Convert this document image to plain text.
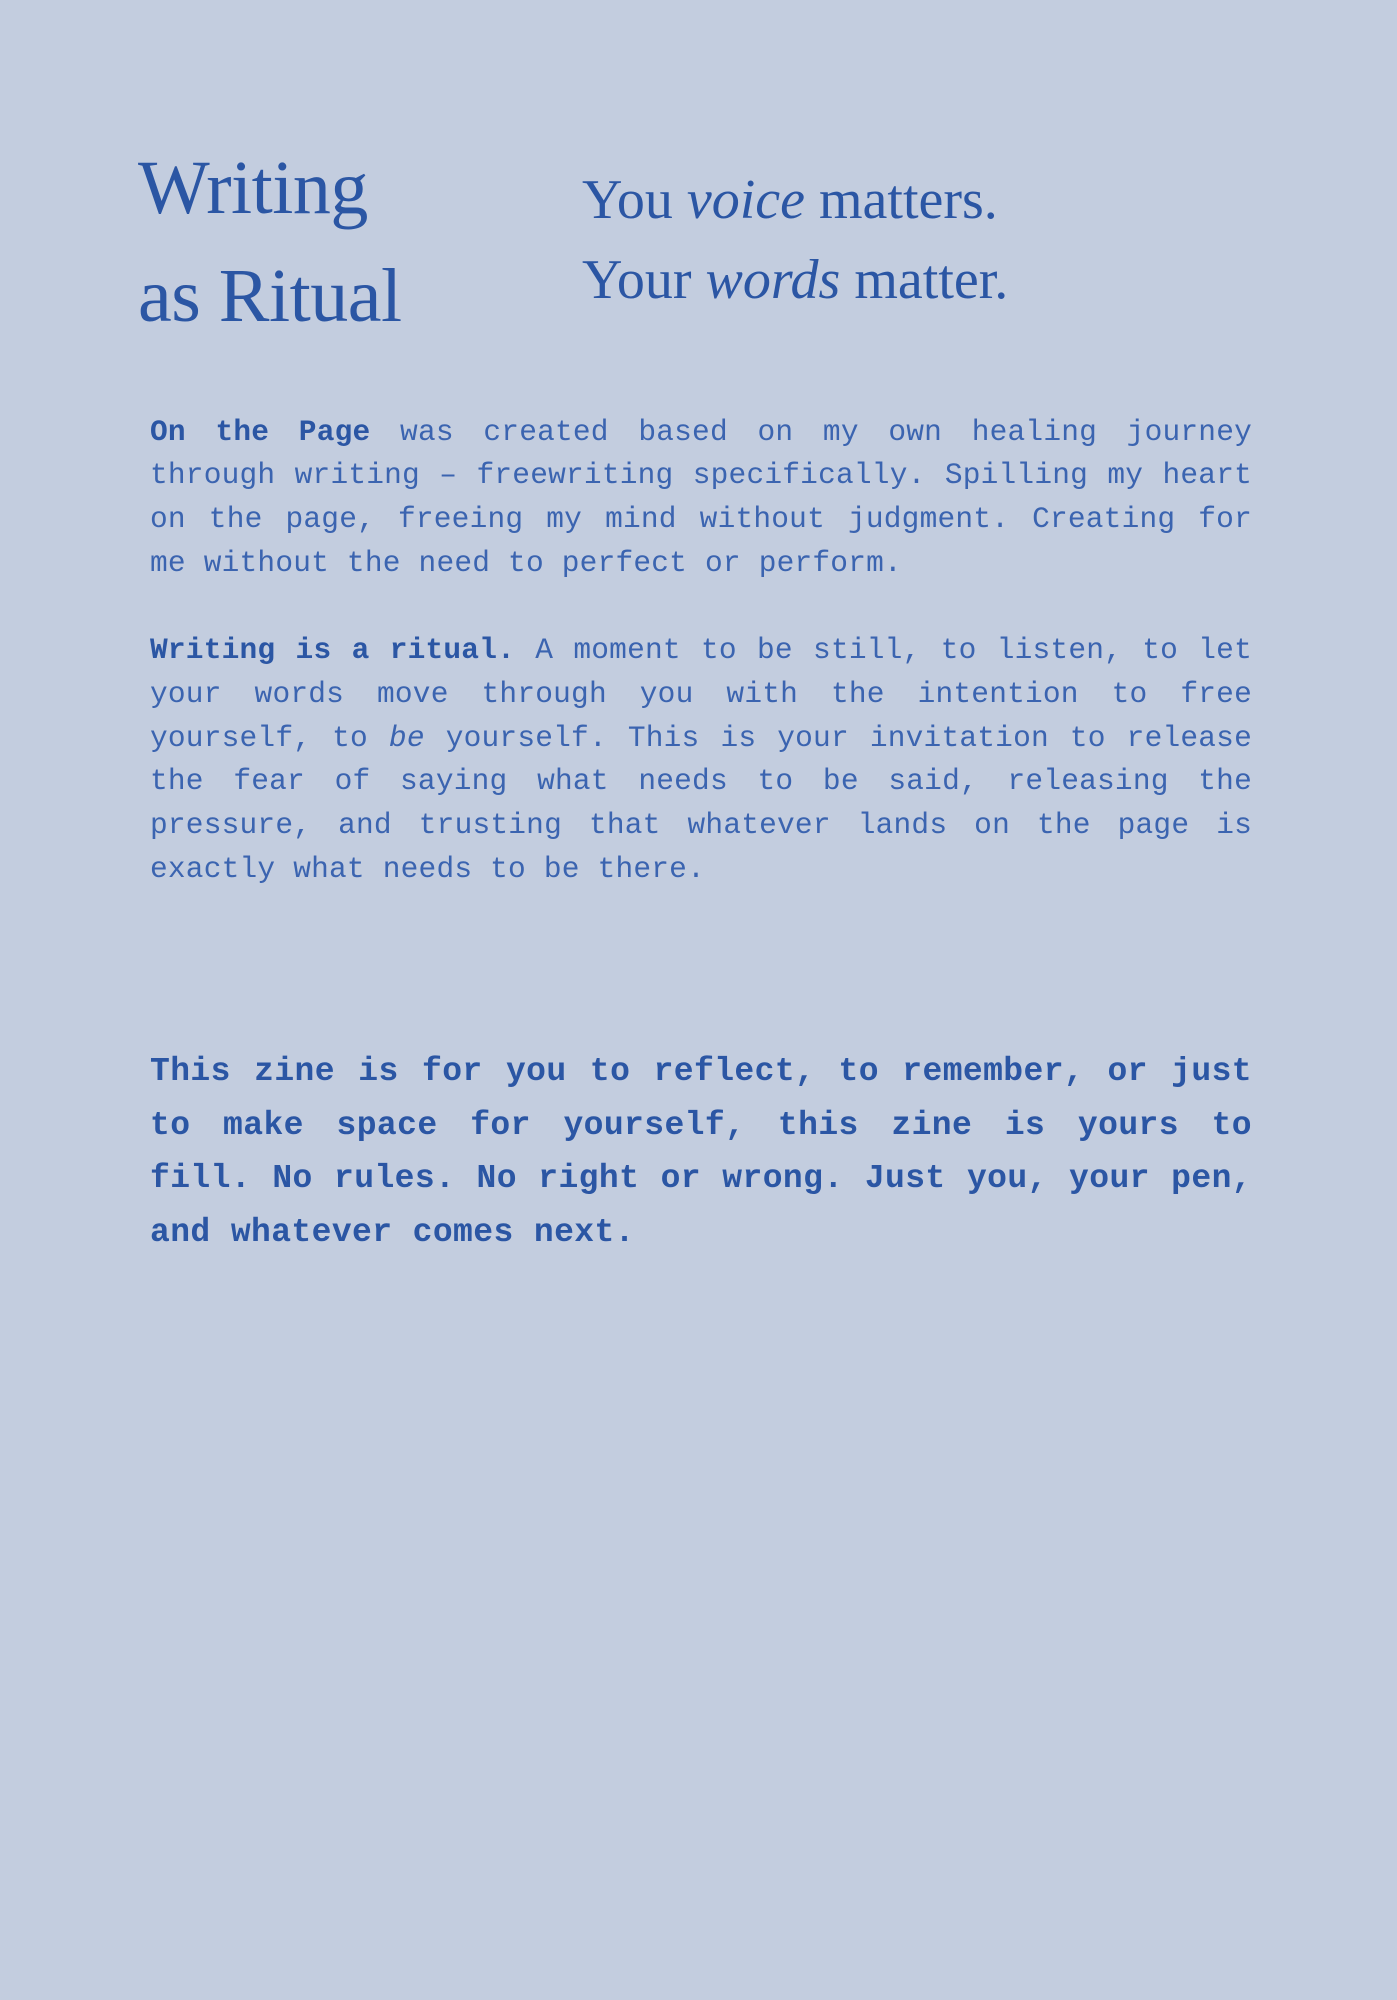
Writing
as Ritual
You voice matters.
Your words matter.

On the Page was created based on my own healing journey through writing – freewriting specifically. Spilling my heart on the page, freeing my mind without judgment. Creating for me without the need to perfect or perform.

Writing is a ritual. A moment to be still, to listen, to let your words move through you with the intention to free yourself, to be yourself. This is your invitation to release the fear of saying what needs to be said, releasing the pressure, and trusting that whatever lands on the page is exactly what needs to be there.

This zine is for you to reflect, to remember, or just to make space for yourself, this zine is yours to fill. No rules. No right or wrong. Just you, your pen, and whatever comes next.
